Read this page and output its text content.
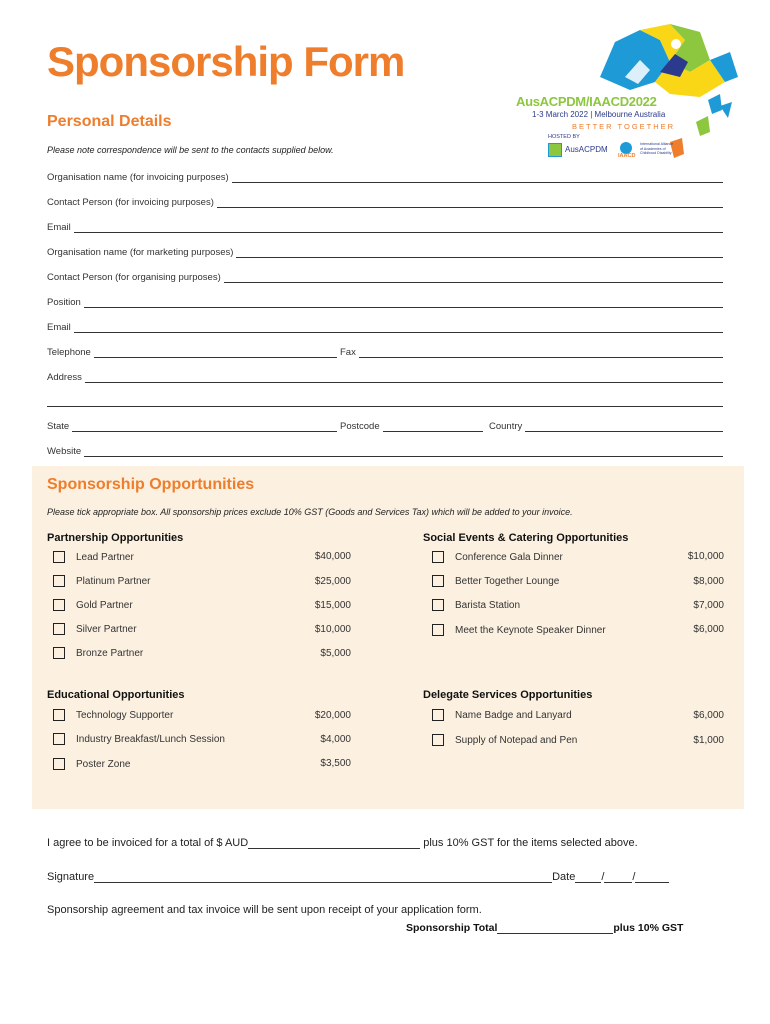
Sponsorship Form
AusACPDM/IAACD2022
1-3 March 2022 | Melbourne Australia
BETTER TOGETHER
HOSTED BY
AusACPDM
IAACD
International Alliance of Academies of Childhood Disability
Personal Details
Please note correspondence will be sent to the contacts supplied below.
Organisation name (for invoicing purposes)
Contact Person (for invoicing purposes)
Email
Organisation name (for marketing purposes)
Contact Person (for organising purposes)
Position
Email
Telephone	Fax
Address
State	Postcode	Country
Website
Sponsorship Opportunities
Please tick appropriate box. All sponsorship prices exclude 10% GST (Goods and Services Tax) which will be added to your invoice.
Partnership Opportunities	Social Events & Catering Opportunities
Lead Partner	$40,000
Platinum Partner	$25,000
Gold Partner	$15,000
Silver Partner	$10,000
Bronze Partner	$5,000
Conference Gala Dinner	$10,000
Better Together Lounge	$8,000
Barista Station	$7,000
Meet the Keynote Speaker Dinner	$6,000
Educational Opportunities	Delegate Services Opportunities
Technology Supporter	$20,000
Industry Breakfast/Lunch Session	$4,000
Poster Zone	$3,500
Name Badge and Lanyard	$6,000
Supply of Notepad and Pen	$1,000
I agree to be invoiced for a total of $ AUD	plus 10% GST for the items selected above.
Signature	Date /	/
Sponsorship agreement and tax invoice will be sent upon receipt of your application form.
Sponsorship Total	plus 10% GST
